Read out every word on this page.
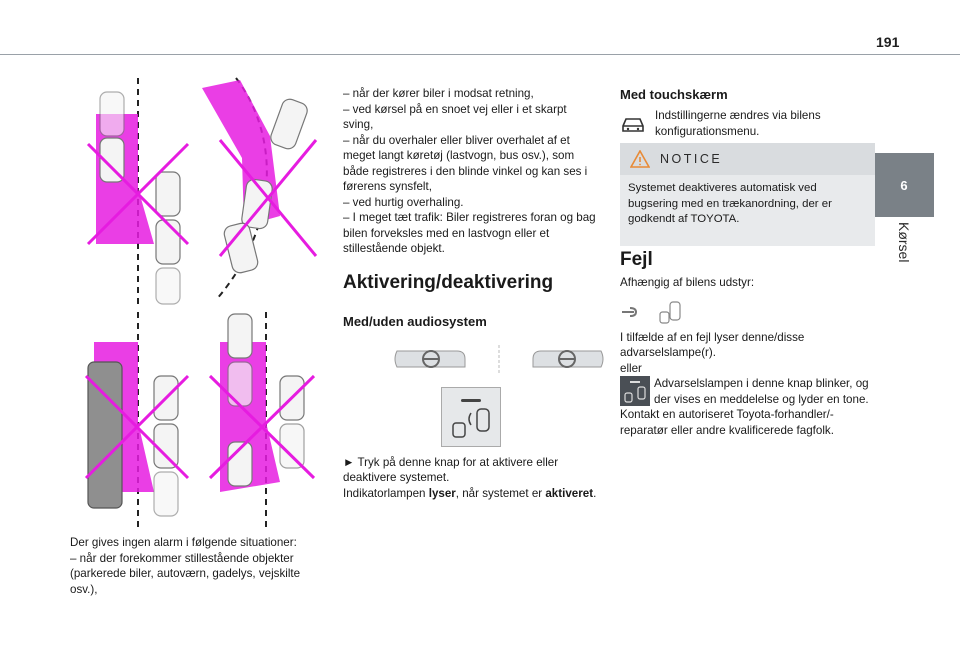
191
6
Kørsel

Der gives ingen alarm i følgende situationer:

– når der forekommer stillestående objekter (parkerede biler, autoværn, gadelys, vejskilte osv.),

– når der kører biler i modsat retning,

– ved kørsel på en snoet vej eller i et skarpt sving,

– når du overhaler eller bliver overhalet af et meget langt køretøj (lastvogn, bus osv.), som både registreres i den blinde vinkel og kan ses i førerens synsfelt,

– ved hurtig overhaling.

– I meget tæt trafik: Biler registreres foran og bag bilen forveksles med en lastvogn eller et stillestående objekt.

Aktivering/deaktivering
Med/uden audiosystem

► Tryk på denne knap for at aktivere eller deaktivere systemet.

Indikatorlampen lyser, når systemet er aktiveret.

Med touchskærm

Indstillingerne ændres via bilens konfigurationsmenu.

NOTICE

Systemet deaktiveres automatisk ved bugsering med en trækanordning, der er godkendt af TOYOTA.

Fejl

Afhængig af bilens udstyr:

I tilfælde af en fejl lyser denne/disse advarselslampe(r).

eller

Advarselslampen i denne knap blinker, og der vises en meddelelse og lyder en tone.

Kontakt en autoriseret Toyota-forhandler/-reparatør eller andre kvalificerede fagfolk.
